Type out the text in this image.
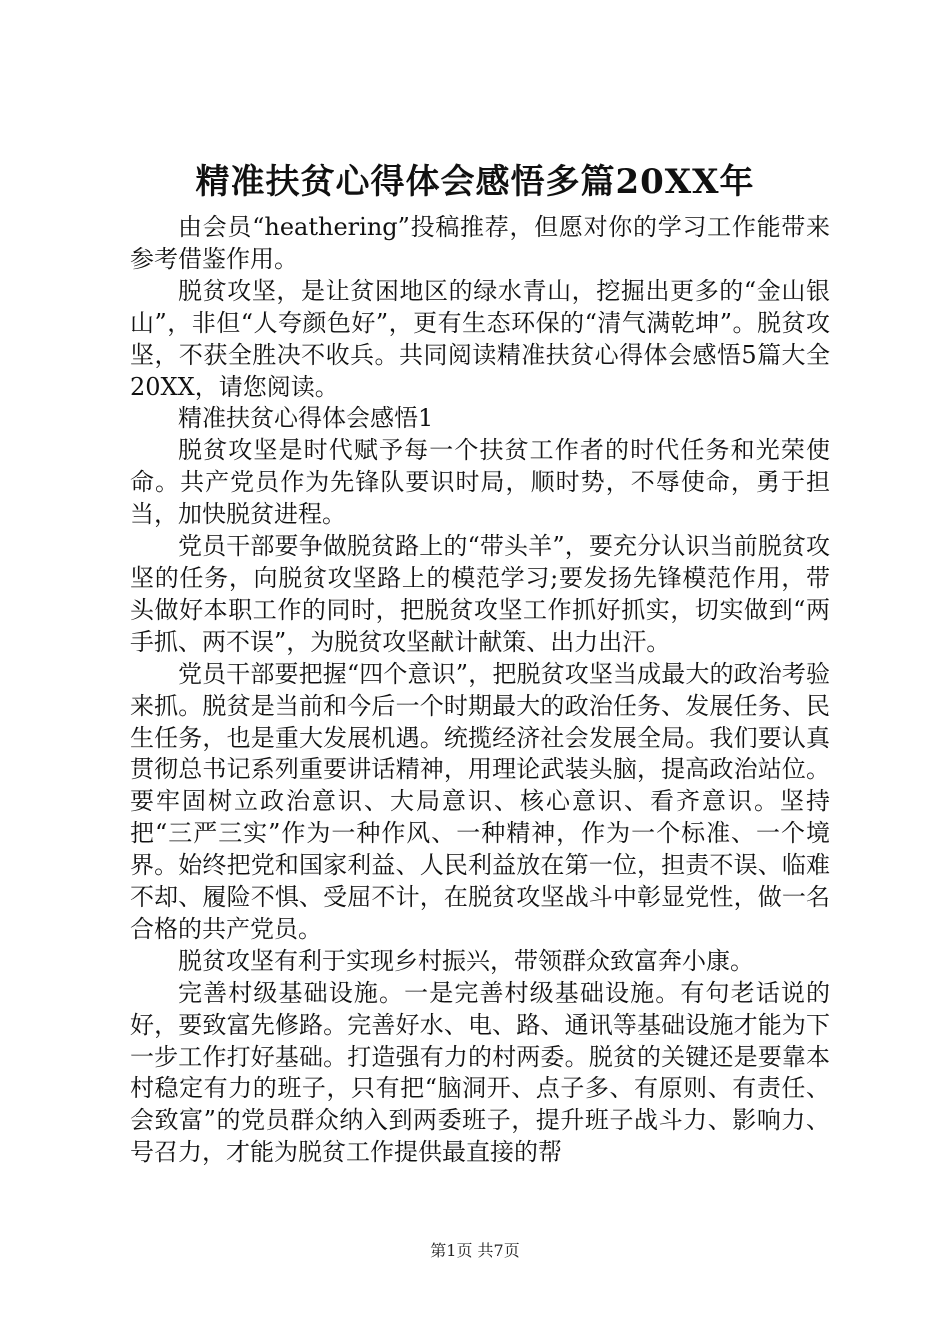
精准扶贫心得体会感悟多篇20XX年

由会员“heathering”投稿推荐，但愿对你的学习工作能带来参考借鉴作用。

脱贫攻坚，是让贫困地区的绿水青山，挖掘出更多的“金山银山”，非但“人夸颜色好”，更有生态环保的“清气满乾坤”。脱贫攻坚，不获全胜决不收兵。共同阅读精准扶贫心得体会感悟5篇大全20XX，请您阅读。

精准扶贫心得体会感悟1

脱贫攻坚是时代赋予每一个扶贫工作者的时代任务和光荣使命。共产党员作为先锋队要识时局，顺时势，不辱使命，勇于担当，加快脱贫进程。

党员干部要争做脱贫路上的“带头羊”，要充分认识当前脱贫攻坚的任务，向脱贫攻坚路上的模范学习;要发扬先锋模范作用，带头做好本职工作的同时，把脱贫攻坚工作抓好抓实，切实做到“两手抓、两不误”，为脱贫攻坚献计献策、出力出汗。

党员干部要把握“四个意识”，把脱贫攻坚当成最大的政治考验来抓。脱贫是当前和今后一个时期最大的政治任务、发展任务、民生任务，也是重大发展机遇。统揽经济社会发展全局。我们要认真贯彻总书记系列重要讲话精神，用理论武装头脑，提高政治站位。要牢固树立政治意识、大局意识、核心意识、看齐意识。坚持把“三严三实”作为一种作风、一种精神，作为一个标准、一个境界。始终把党和国家利益、人民利益放在第一位，担责不误、临难不却、履险不惧、受屈不计，在脱贫攻坚战斗中彰显党性，做一名合格的共产党员。

脱贫攻坚有利于实现乡村振兴，带领群众致富奔小康。

完善村级基础设施。一是完善村级基础设施。有句老话说的好，要致富先修路。完善好水、电、路、通讯等基础设施才能为下一步工作打好基础。打造强有力的村两委。脱贫的关键还是要靠本村稳定有力的班子，只有把“脑洞开、点子多、有原则、有责任、会致富”的党员群众纳入到两委班子，提升班子战斗力、影响力、号召力，才能为脱贫工作提供最直接的帮

第1页 共7页
